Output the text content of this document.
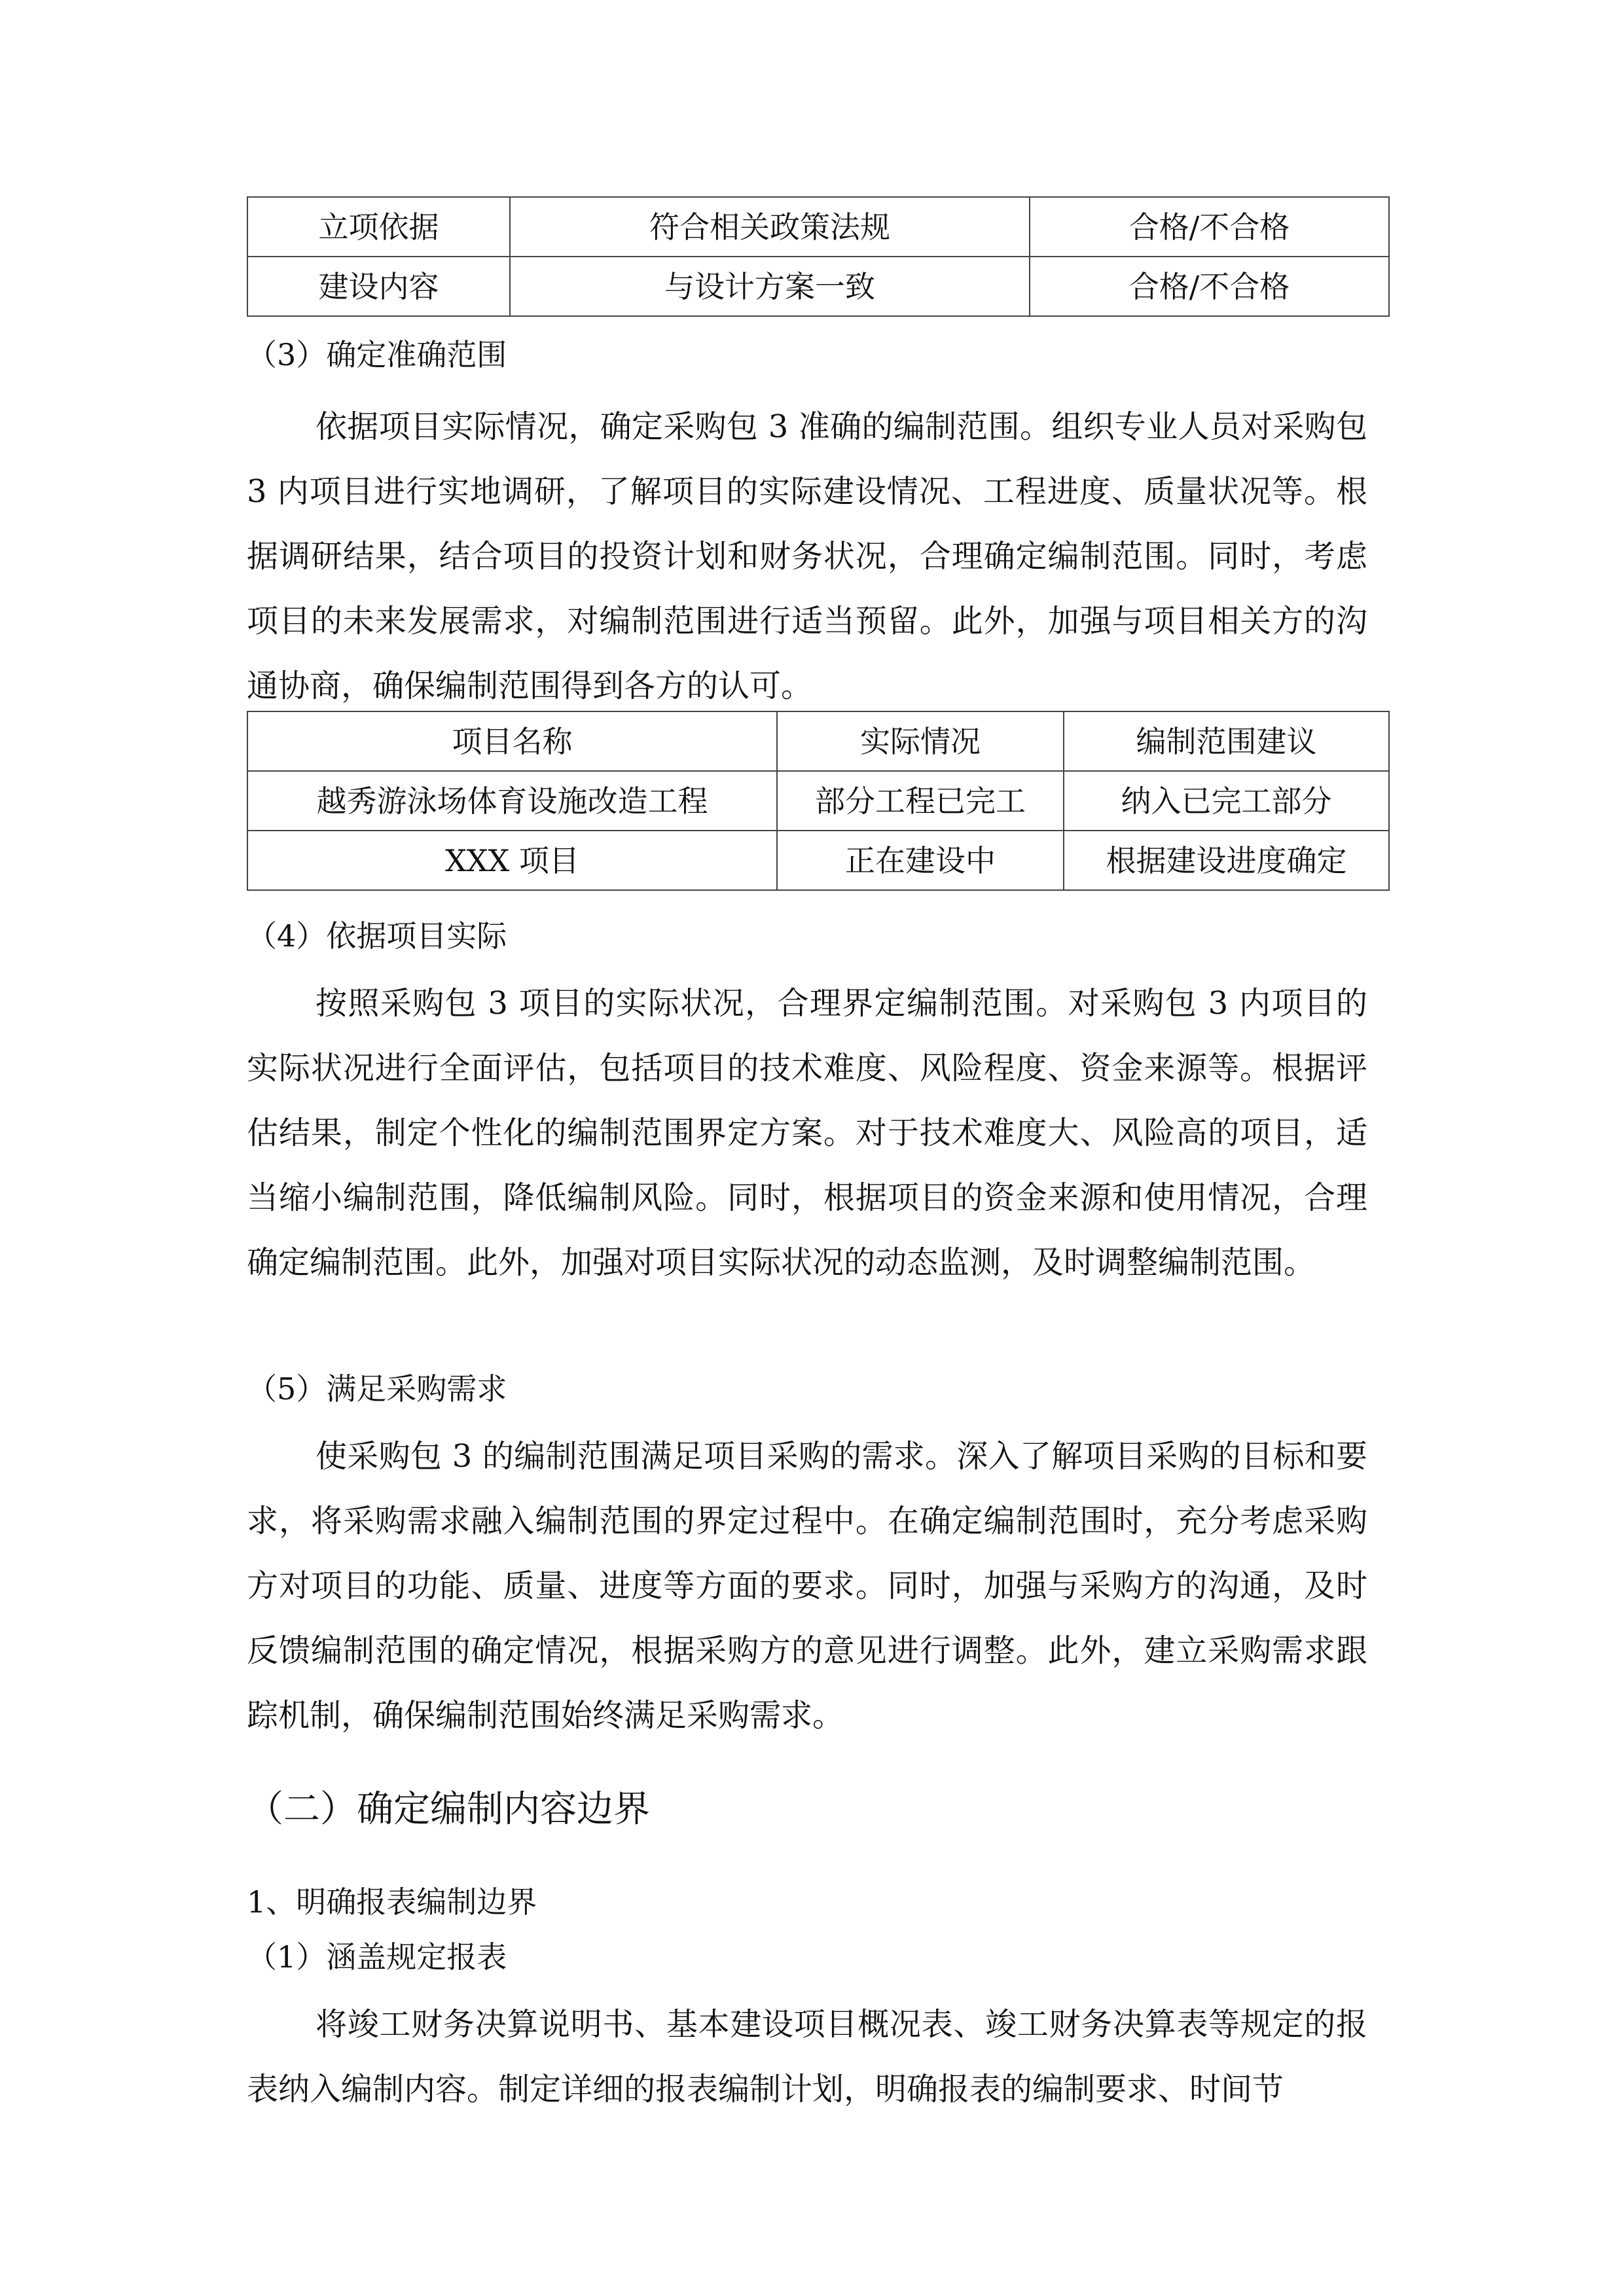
立项依据	符合相关政策法规	合格/不合格
建设内容	与设计方案一致	合格/不合格
（3）确定准确范围

依据项目实际情况，确定采购包 3 准确的编制范围。组织专业人员对采购包 3 内项目进行实地调研，了解项目的实际建设情况、工程进度、质量状况等。根据调研结果，结合项目的投资计划和财务状况，合理确定编制范围。同时，考虑项目的未来发展需求，对编制范围进行适当预留。此外，加强与项目相关方的沟通协商，确保编制范围得到各方的认可。

项目名称	实际情况	编制范围建议
越秀游泳场体育设施改造工程	部分工程已完工	纳入已完工部分
XXX 项目	正在建设中	根据建设进度确定
（4）依据项目实际

按照采购包 3 项目的实际状况，合理界定编制范围。对采购包 3 内项目的实际状况进行全面评估，包括项目的技术难度、风险程度、资金来源等。根据评估结果，制定个性化的编制范围界定方案。对于技术难度大、风险高的项目，适当缩小编制范围，降低编制风险。同时，根据项目的资金来源和使用情况，合理确定编制范围。此外，加强对项目实际状况的动态监测，及时调整编制范围。

（5）满足采购需求

使采购包 3 的编制范围满足项目采购的需求。深入了解项目采购的目标和要求，将采购需求融入编制范围的界定过程中。在确定编制范围时，充分考虑采购方对项目的功能、质量、进度等方面的要求。同时，加强与采购方的沟通，及时反馈编制范围的确定情况，根据采购方的意见进行调整。此外，建立采购需求跟踪机制，确保编制范围始终满足采购需求。

（二）确定编制内容边界
1、明确报表编制边界
（1）涵盖规定报表

将竣工财务决算说明书、基本建设项目概况表、竣工财务决算表等规定的报表纳入编制内容。制定详细的报表编制计划，明确报表的编制要求、时间节
